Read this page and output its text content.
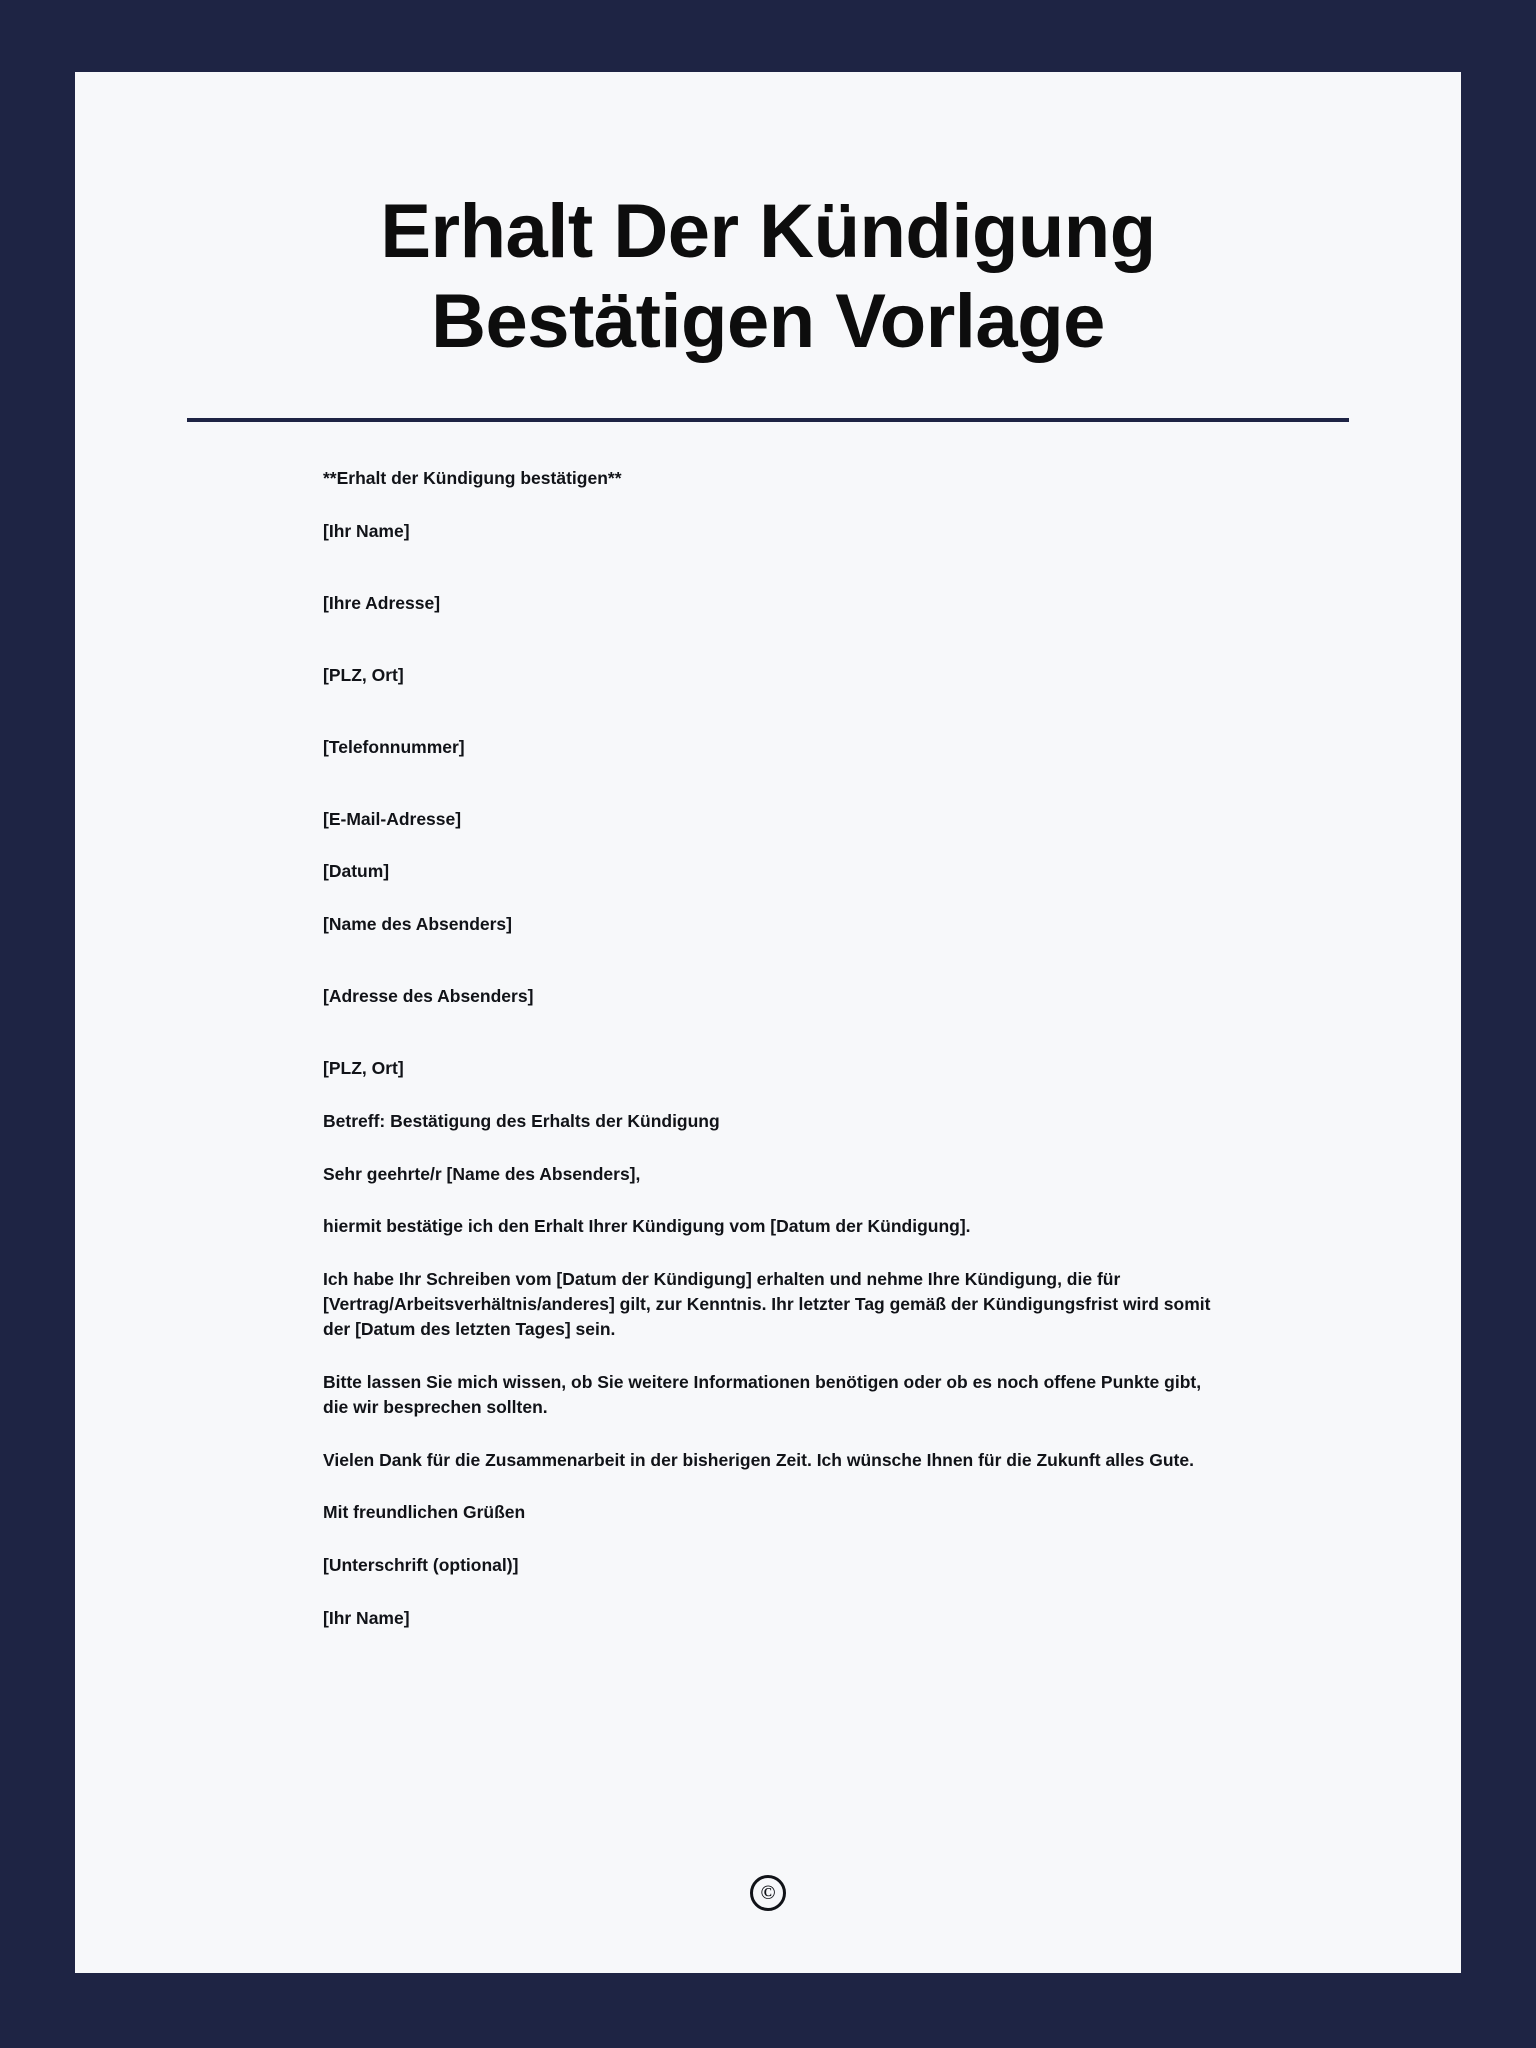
Erhalt Der Kündigung
Bestätigen Vorlage

**Erhalt der Kündigung bestätigen**

[Ihr Name]

[Ihre Adresse]

[PLZ, Ort]

[Telefonnummer]

[E-Mail-Adresse]

[Datum]

[Name des Absenders]

[Adresse des Absenders]

[PLZ, Ort]

Betreff: Bestätigung des Erhalts der Kündigung

Sehr geehrte/r [Name des Absenders],

hiermit bestätige ich den Erhalt Ihrer Kündigung vom [Datum der Kündigung].

Ich habe Ihr Schreiben vom [Datum der Kündigung] erhalten und nehme Ihre Kündigung, die für [Vertrag/Arbeitsverhältnis/anderes] gilt, zur Kenntnis. Ihr letzter Tag gemäß der Kündigungsfrist wird somit der [Datum des letzten Tages] sein.

Bitte lassen Sie mich wissen, ob Sie weitere Informationen benötigen oder ob es noch offene Punkte gibt, die wir besprechen sollten.

Vielen Dank für die Zusammenarbeit in der bisherigen Zeit. Ich wünsche Ihnen für die Zukunft alles Gute.

Mit freundlichen Grüßen

[Unterschrift (optional)]

[Ihr Name]

©
